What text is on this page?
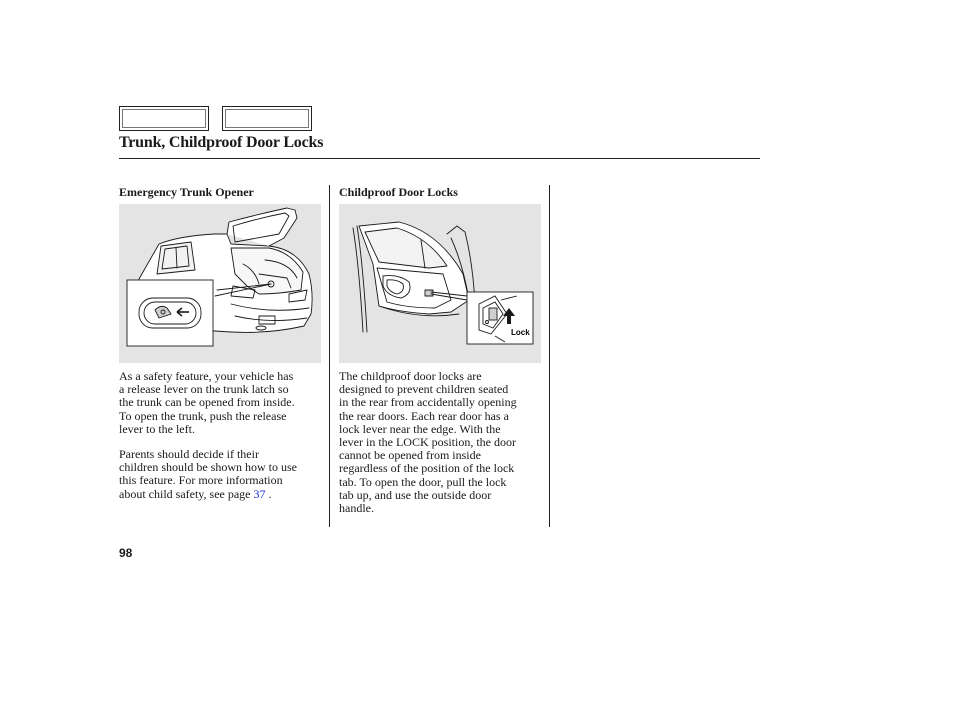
Trunk, Childproof Door Locks
Emergency Trunk Opener
As a safety feature, your vehicle has
a release lever on the trunk latch so
the trunk can be opened from inside.
To open the trunk, push the release
lever to the left.
Parents should decide if their
children should be shown how to use
this feature. For more information
about child safety, see page 37 .
Childproof Door Locks
Lock
The childproof door locks are
designed to prevent children seated
in the rear from accidentally opening
the rear doors. Each rear door has a
lock lever near the edge. With the
lever in the LOCK position, the door
cannot be opened from inside
regardless of the position of the lock
tab. To open the door, pull the lock
tab up, and use the outside door
handle.
98
